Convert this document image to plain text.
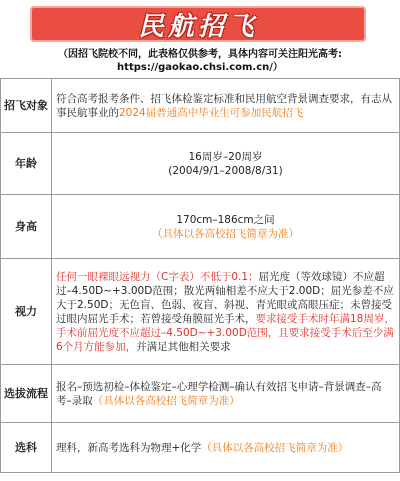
民航招飞
（因招飞院校不同，此表格仅供参考，具体内容可关注阳光高考:
https://gaokao.chsi.com.cn/）
招飞对象	符合高考报考条件、招飞体检鉴定标准和民用航空背景调查要求，有志从事民航事业的2024届普通高中毕业生可参加民航招飞
年龄	16周岁–20周岁
(2004/9/1–2008/8/31)

身高	170cm–186cm之间
（具体以各高校招飞简章为准）

视力	任何一眼裸眼远视力（C字表）不低于0.1；屈光度（等效球镜）不应超过–4.50D~+3.00D范围；散光两轴相差不应大于2.00D；屈光参差不应大于2.50D；无色盲、色弱、夜盲、斜视、青光眼或高眼压症；未曾接受过眼内屈光手术；若曾接受角膜屈光手术，要求接受手术时年满18周岁，手术前屈光度不应超过–4.50D~+3.00D范围，且要求接受手术后至少满6个月方能参加，并满足其他相关要求
选拔流程	报名–预选初检–体检鉴定–心理学检测–确认有效招飞申请–背景调查–高考–录取（具体以各高校招飞简章为准）
选科	理科，新高考选科为物理+化学（具体以各高校招飞简章为准）
